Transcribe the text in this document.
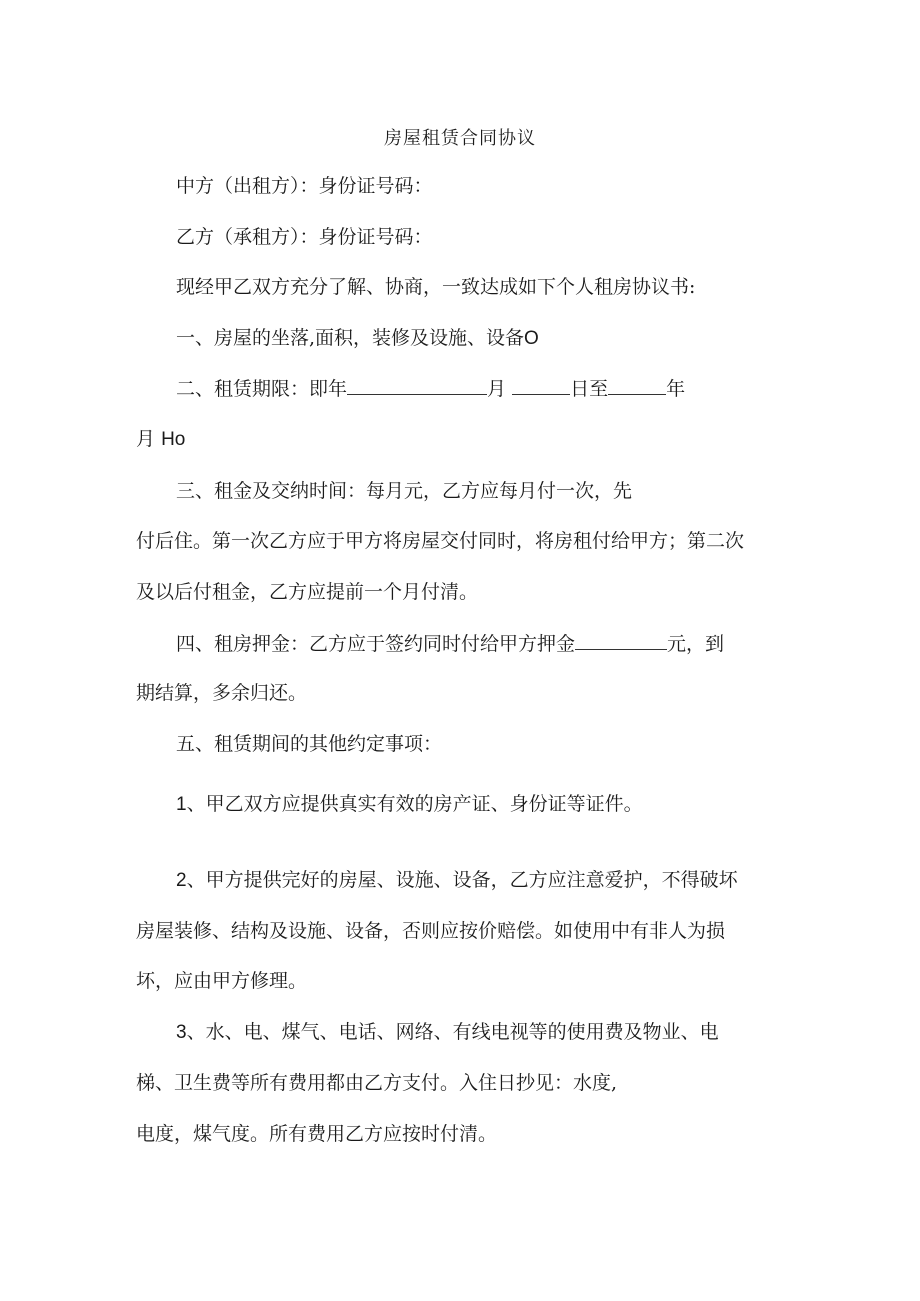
房屋租赁合同协议
中方（出租方）：身份证号码：
乙方（承租方）：身份证号码：
现经甲乙双方充分了解、协商，一致达成如下个人租房协议书:
一、房屋的坐落,面积，装修及设施、设备O
二、租赁期限：即年	月	日至	年
月 Ho
三、租金及交纳时间：每月元，乙方应每月付一次，先
付后住。第一次乙方应于甲方将房屋交付同时，将房租付给甲方；第二次
及以后付租金，乙方应提前一个月付清。
四、租房押金：乙方应于签约同时付给甲方押金	元，到
期结算，多余归还。
五、租赁期间的其他约定事项：
1、甲乙双方应提供真实有效的房产证、身份证等证件。
2、甲方提供完好的房屋、设施、设备，乙方应注意爱护，不得破坏
房屋装修、结构及设施、设备，否则应按价赔偿。如使用中有非人为损
坏，应由甲方修理。
3、水、电、煤气、电话、网络、有线电视等的使用费及物业、电
梯、卫生费等所有费用都由乙方支付。入住日抄见：水度,
电度，煤气度。所有费用乙方应按时付清。
